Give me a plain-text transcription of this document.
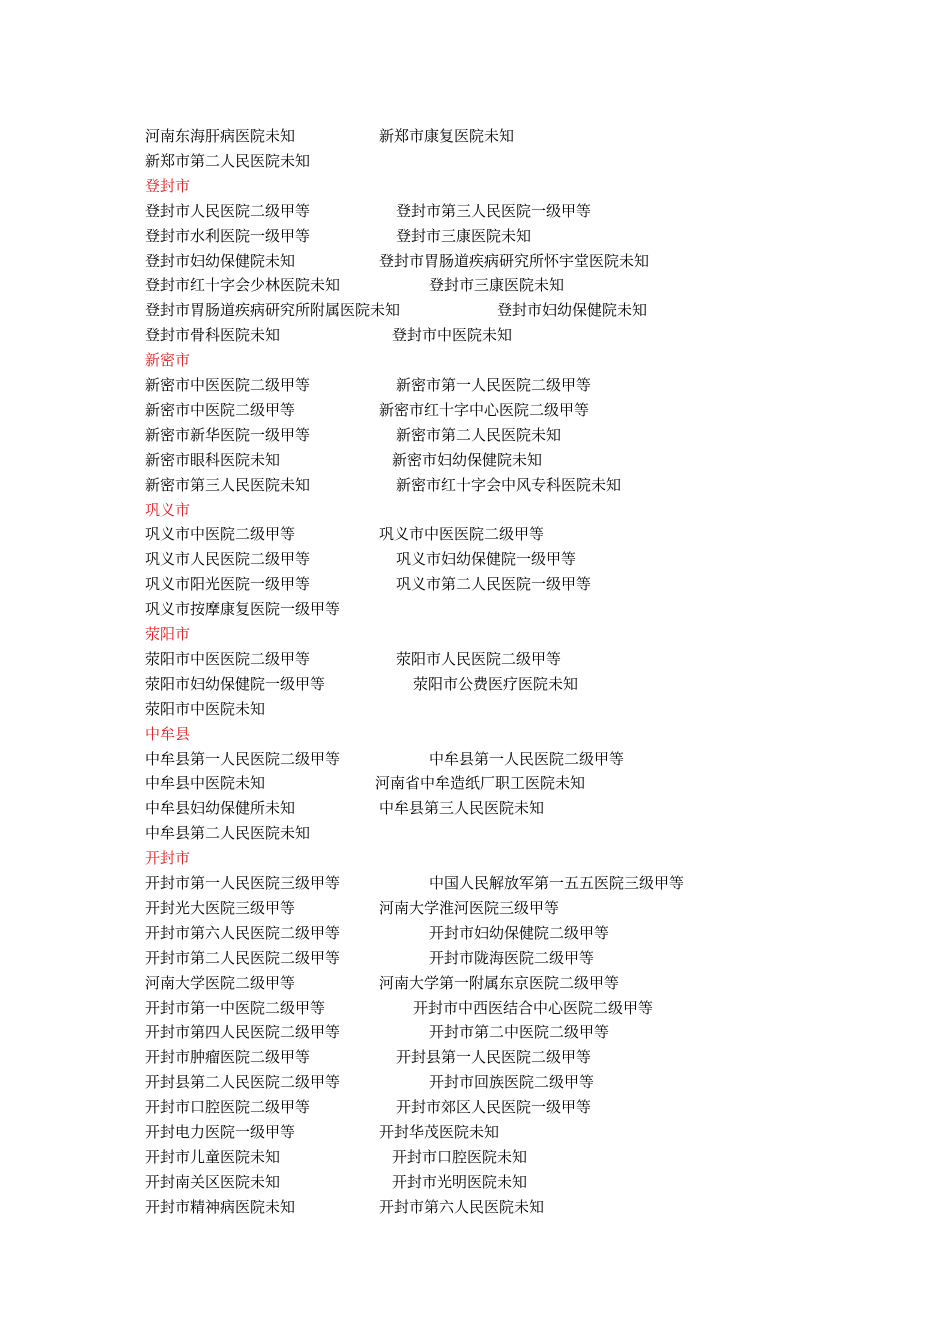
河南东海肝病医院未知	新郑市康复医院未知
新郑市第二人民医院未知
登封市
登封市人民医院二级甲等	登封市第三人民医院一级甲等
登封市水利医院一级甲等	登封市三康医院未知
登封市妇幼保健院未知	登封市胃肠道疾病研究所怀宇堂医院未知
登封市红十字会少林医院未知	登封市三康医院未知
登封市胃肠道疾病研究所附属医院未知	登封市妇幼保健院未知
登封市骨科医院未知	登封市中医院未知
新密市
新密市中医医院二级甲等	新密市第一人民医院二级甲等
新密市中医院二级甲等	新密市红十字中心医院二级甲等
新密市新华医院一级甲等	新密市第二人民医院未知
新密市眼科医院未知	新密市妇幼保健院未知
新密市第三人民医院未知	新密市红十字会中风专科医院未知
巩义市
巩义市中医院二级甲等	巩义市中医医院二级甲等
巩义市人民医院二级甲等	巩义市妇幼保健院一级甲等
巩义市阳光医院一级甲等	巩义市第二人民医院一级甲等
巩义市按摩康复医院一级甲等
荥阳市
荥阳市中医医院二级甲等	荥阳市人民医院二级甲等
荥阳市妇幼保健院一级甲等	荥阳市公费医疗医院未知
荥阳市中医院未知
中牟县
中牟县第一人民医院二级甲等	中牟县第一人民医院二级甲等
中牟县中医院未知	河南省中牟造纸厂职工医院未知
中牟县妇幼保健所未知	中牟县第三人民医院未知
中牟县第二人民医院未知
开封市
开封市第一人民医院三级甲等	中国人民解放军第一五五医院三级甲等
开封光大医院三级甲等	河南大学淮河医院三级甲等
开封市第六人民医院二级甲等	开封市妇幼保健院二级甲等
开封市第二人民医院二级甲等	开封市陇海医院二级甲等
河南大学医院二级甲等	河南大学第一附属东京医院二级甲等
开封市第一中医院二级甲等	开封市中西医结合中心医院二级甲等
开封市第四人民医院二级甲等	开封市第二中医院二级甲等
开封市肿瘤医院二级甲等	开封县第一人民医院二级甲等
开封县第二人民医院二级甲等	开封市回族医院二级甲等
开封市口腔医院二级甲等	开封市郊区人民医院一级甲等
开封电力医院一级甲等	开封华茂医院未知
开封市儿童医院未知	开封市口腔医院未知
开封南关区医院未知	开封市光明医院未知
开封市精神病医院未知	开封市第六人民医院未知
